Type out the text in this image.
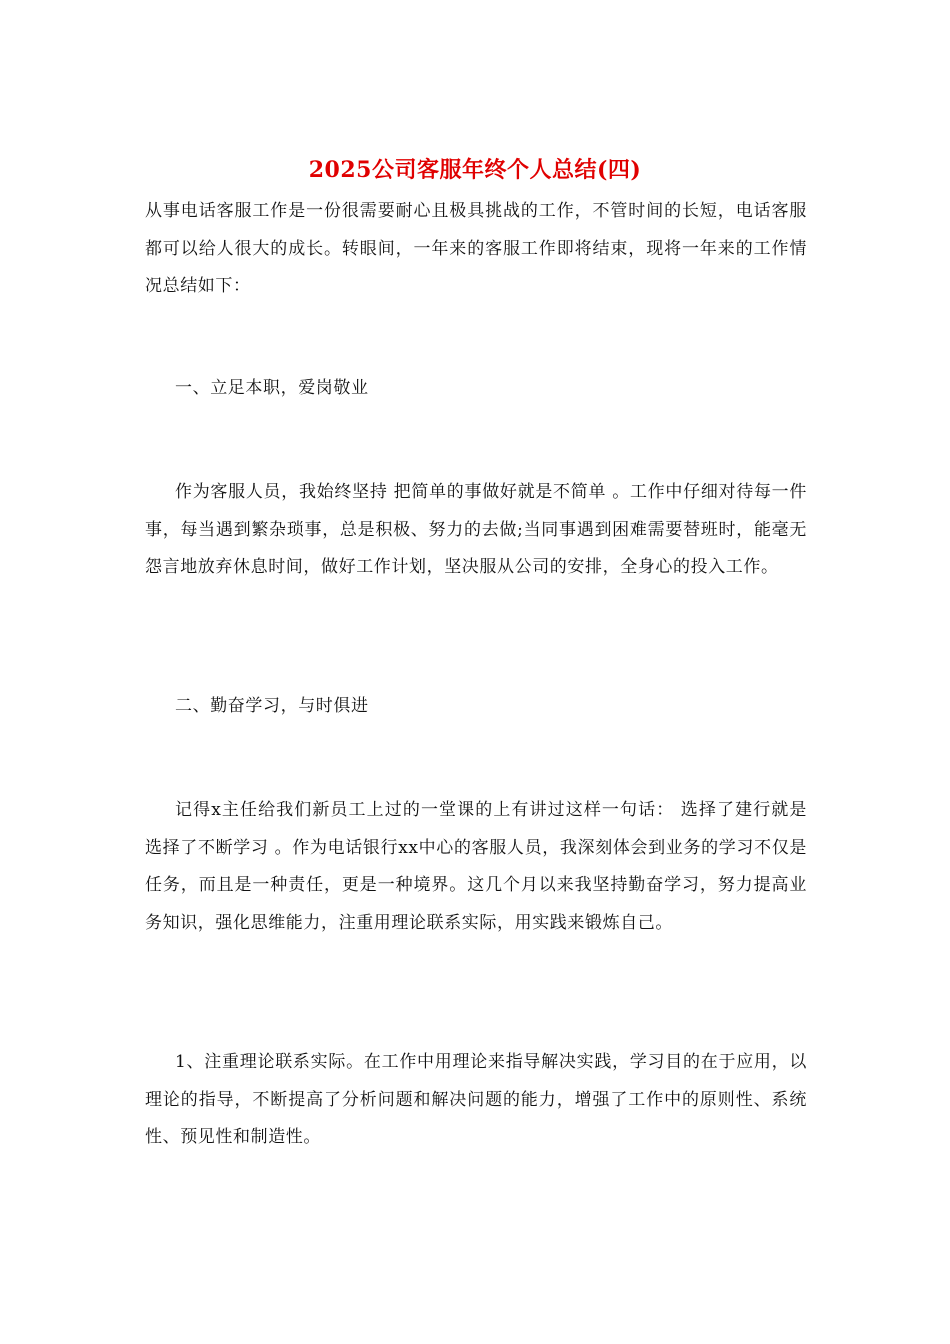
2025公司客服年终个人总结(四)

从事电话客服工作是一份很需要耐心且极具挑战的工作，不管时间的长短，电话客服都可以给人很大的成长。转眼间，一年来的客服工作即将结束，现将一年来的工作情况总结如下：

一、立足本职，爱岗敬业

作为客服人员，我始终坚持 把简单的事做好就是不简单 。工作中仔细对待每一件事，每当遇到繁杂琐事，总是积极、努力的去做;当同事遇到困难需要替班时，能毫无怨言地放弃休息时间，做好工作计划，坚决服从公司的安排，全身心的投入工作。

二、勤奋学习，与时俱进

记得x主任给我们新员工上过的一堂课的上有讲过这样一句话： 选择了建行就是选择了不断学习 。作为电话银行xx中心的客服人员，我深刻体会到业务的学习不仅是任务，而且是一种责任，更是一种境界。这几个月以来我坚持勤奋学习，努力提高业务知识，强化思维能力，注重用理论联系实际，用实践来锻炼自己。

1、注重理论联系实际。在工作中用理论来指导解决实践，学习目的在于应用，以理论的指导，不断提高了分析问题和解决问题的能力，增强了工作中的原则性、系统性、预见性和制造性。
